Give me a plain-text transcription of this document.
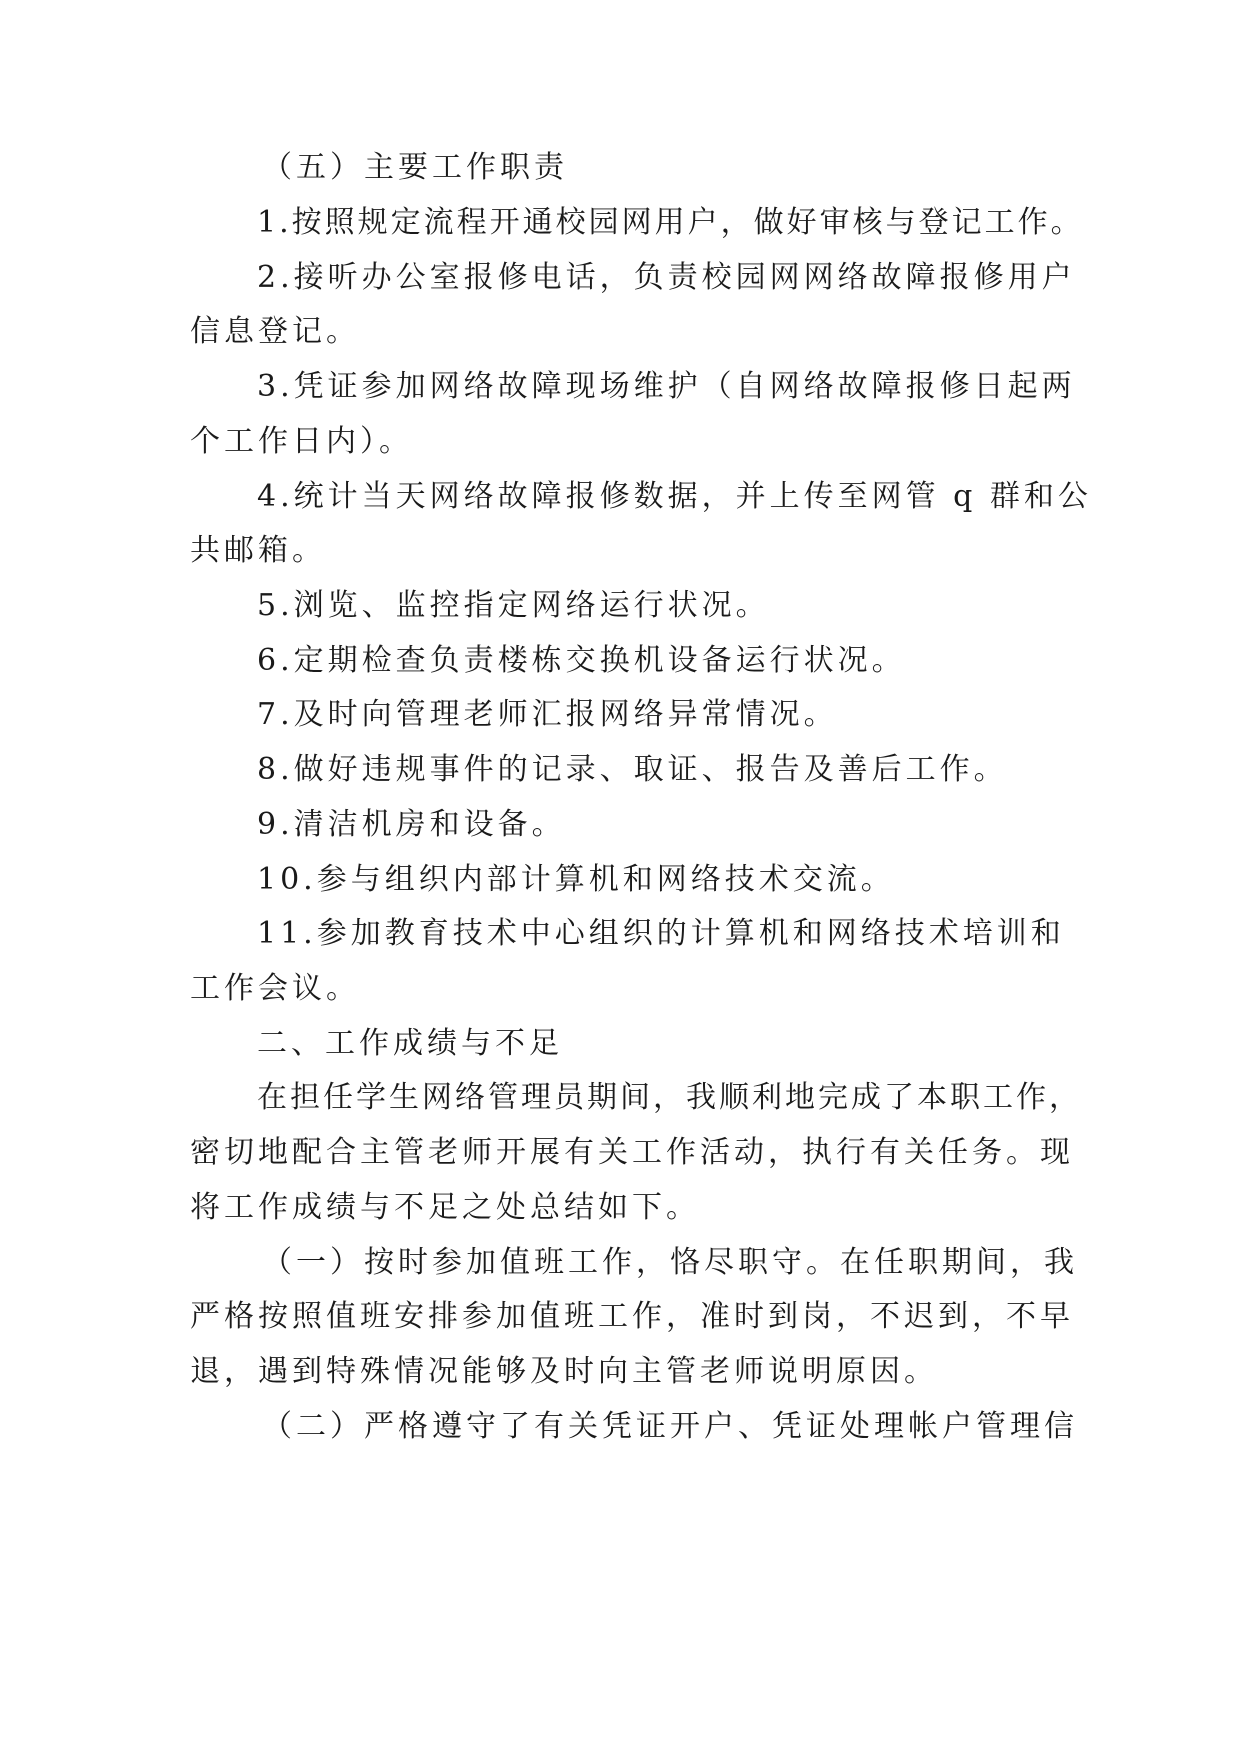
（五）主要工作职责
1.按照规定流程开通校园网用户，做好审核与登记工作。
2.接听办公室报修电话，负责校园网网络故障报修用户
信息登记。
3.凭证参加网络故障现场维护（自网络故障报修日起两
个工作日内）。
4.统计当天网络故障报修数据，并上传至网管 q 群和公
共邮箱。
5.浏览、监控指定网络运行状况。
6.定期检查负责楼栋交换机设备运行状况。
7.及时向管理老师汇报网络异常情况。
8.做好违规事件的记录、取证、报告及善后工作。
9.清洁机房和设备。
10.参与组织内部计算机和网络技术交流。
11.参加教育技术中心组织的计算机和网络技术培训和
工作会议。
二、工作成绩与不足
在担任学生网络管理员期间，我顺利地完成了本职工作，
密切地配合主管老师开展有关工作活动，执行有关任务。现
将工作成绩与不足之处总结如下。
（一）按时参加值班工作，恪尽职守。在任职期间，我
严格按照值班安排参加值班工作，准时到岗，不迟到，不早
退，遇到特殊情况能够及时向主管老师说明原因。
（二）严格遵守了有关凭证开户、凭证处理帐户管理信
